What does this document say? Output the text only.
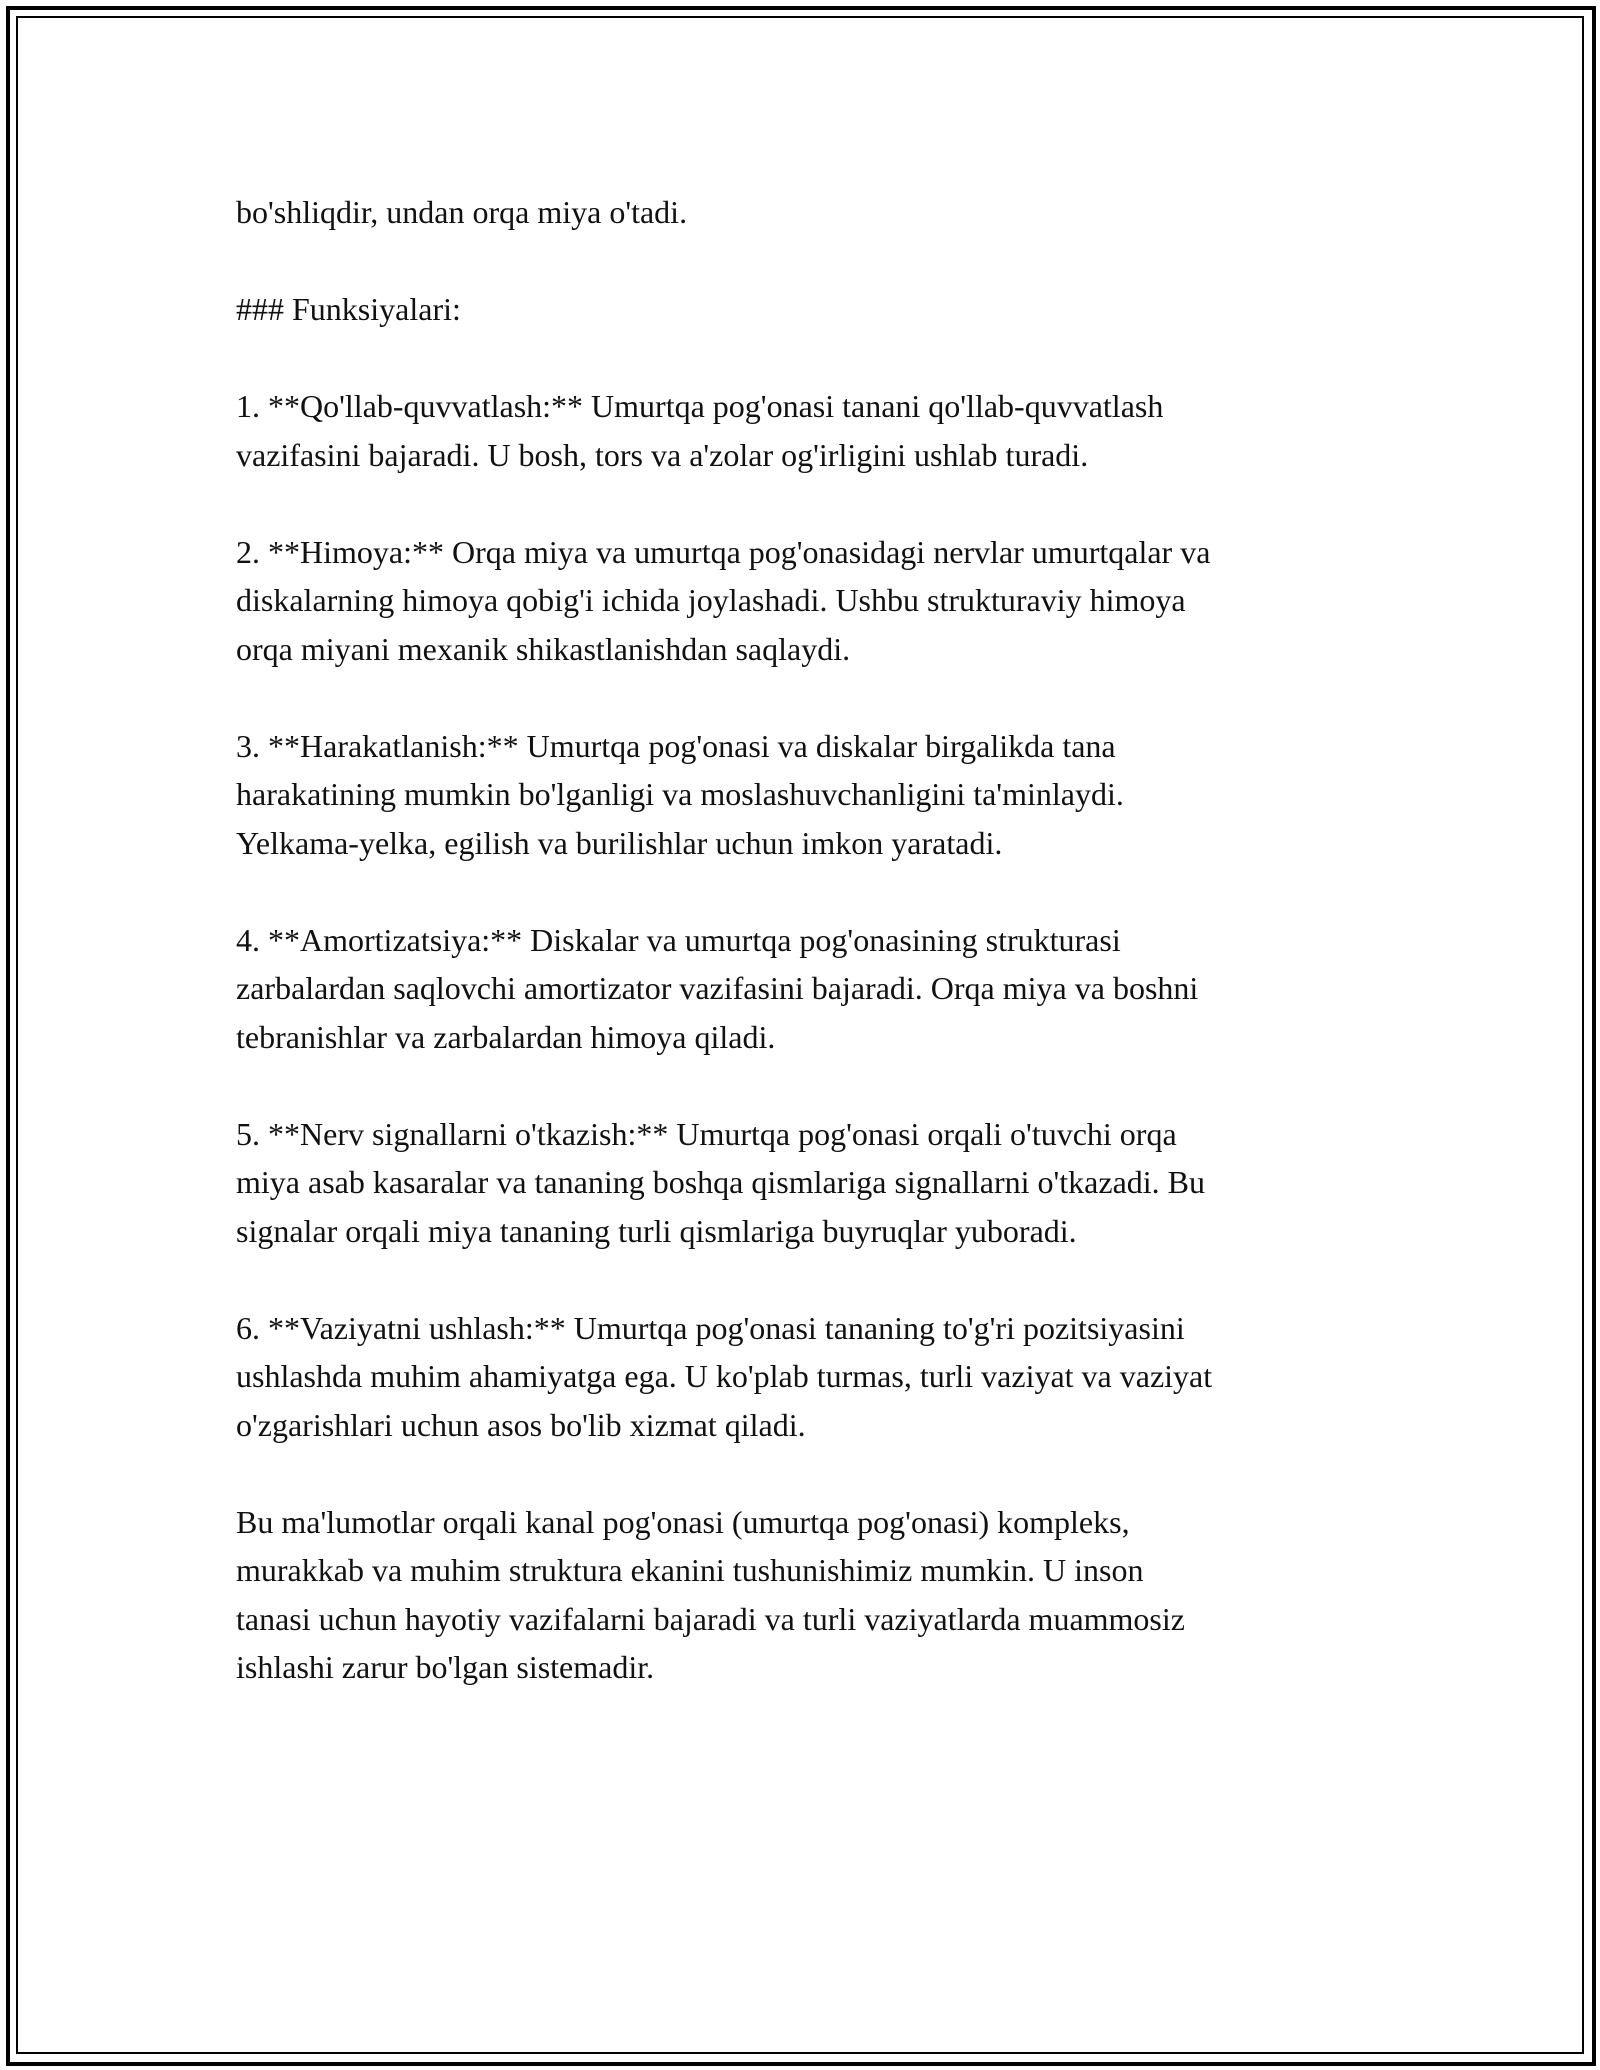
bo'shliqdir, undan orqa miya o'tadi.

### Funksiyalari:

1. **Qo'llab-quvvatlash:** Umurtqa pog'onasi tanani qo'llab-quvvatlash
vazifasini bajaradi. U bosh, tors va a'zolar og'irligini ushlab turadi.

2. **Himoya:** Orqa miya va umurtqa pog'onasidagi nervlar umurtqalar va
diskalarning himoya qobig'i ichida joylashadi. Ushbu strukturaviy himoya
orqa miyani mexanik shikastlanishdan saqlaydi.

3. **Harakatlanish:** Umurtqa pog'onasi va diskalar birgalikda tana
harakatining mumkin bo'lganligi va moslashuvchanligini ta'minlaydi.
Yelkama-yelka, egilish va burilishlar uchun imkon yaratadi.

4. **Amortizatsiya:** Diskalar va umurtqa pog'onasining strukturasi
zarbalardan saqlovchi amortizator vazifasini bajaradi. Orqa miya va boshni
tebranishlar va zarbalardan himoya qiladi.

5. **Nerv signallarni o'tkazish:** Umurtqa pog'onasi orqali o'tuvchi orqa
miya asab kasaralar va tananing boshqa qismlariga signallarni o'tkazadi. Bu
signalar orqali miya tananing turli qismlariga buyruqlar yuboradi.

6. **Vaziyatni ushlash:** Umurtqa pog'onasi tananing to'g'ri pozitsiyasini
ushlashda muhim ahamiyatga ega. U ko'plab turmas, turli vaziyat va vaziyat
o'zgarishlari uchun asos bo'lib xizmat qiladi.

Bu ma'lumotlar orqali kanal pog'onasi (umurtqa pog'onasi) kompleks,
murakkab va muhim struktura ekanini tushunishimiz mumkin. U inson
tanasi uchun hayotiy vazifalarni bajaradi va turli vaziyatlarda muammosiz
ishlashi zarur bo'lgan sistemadir.
